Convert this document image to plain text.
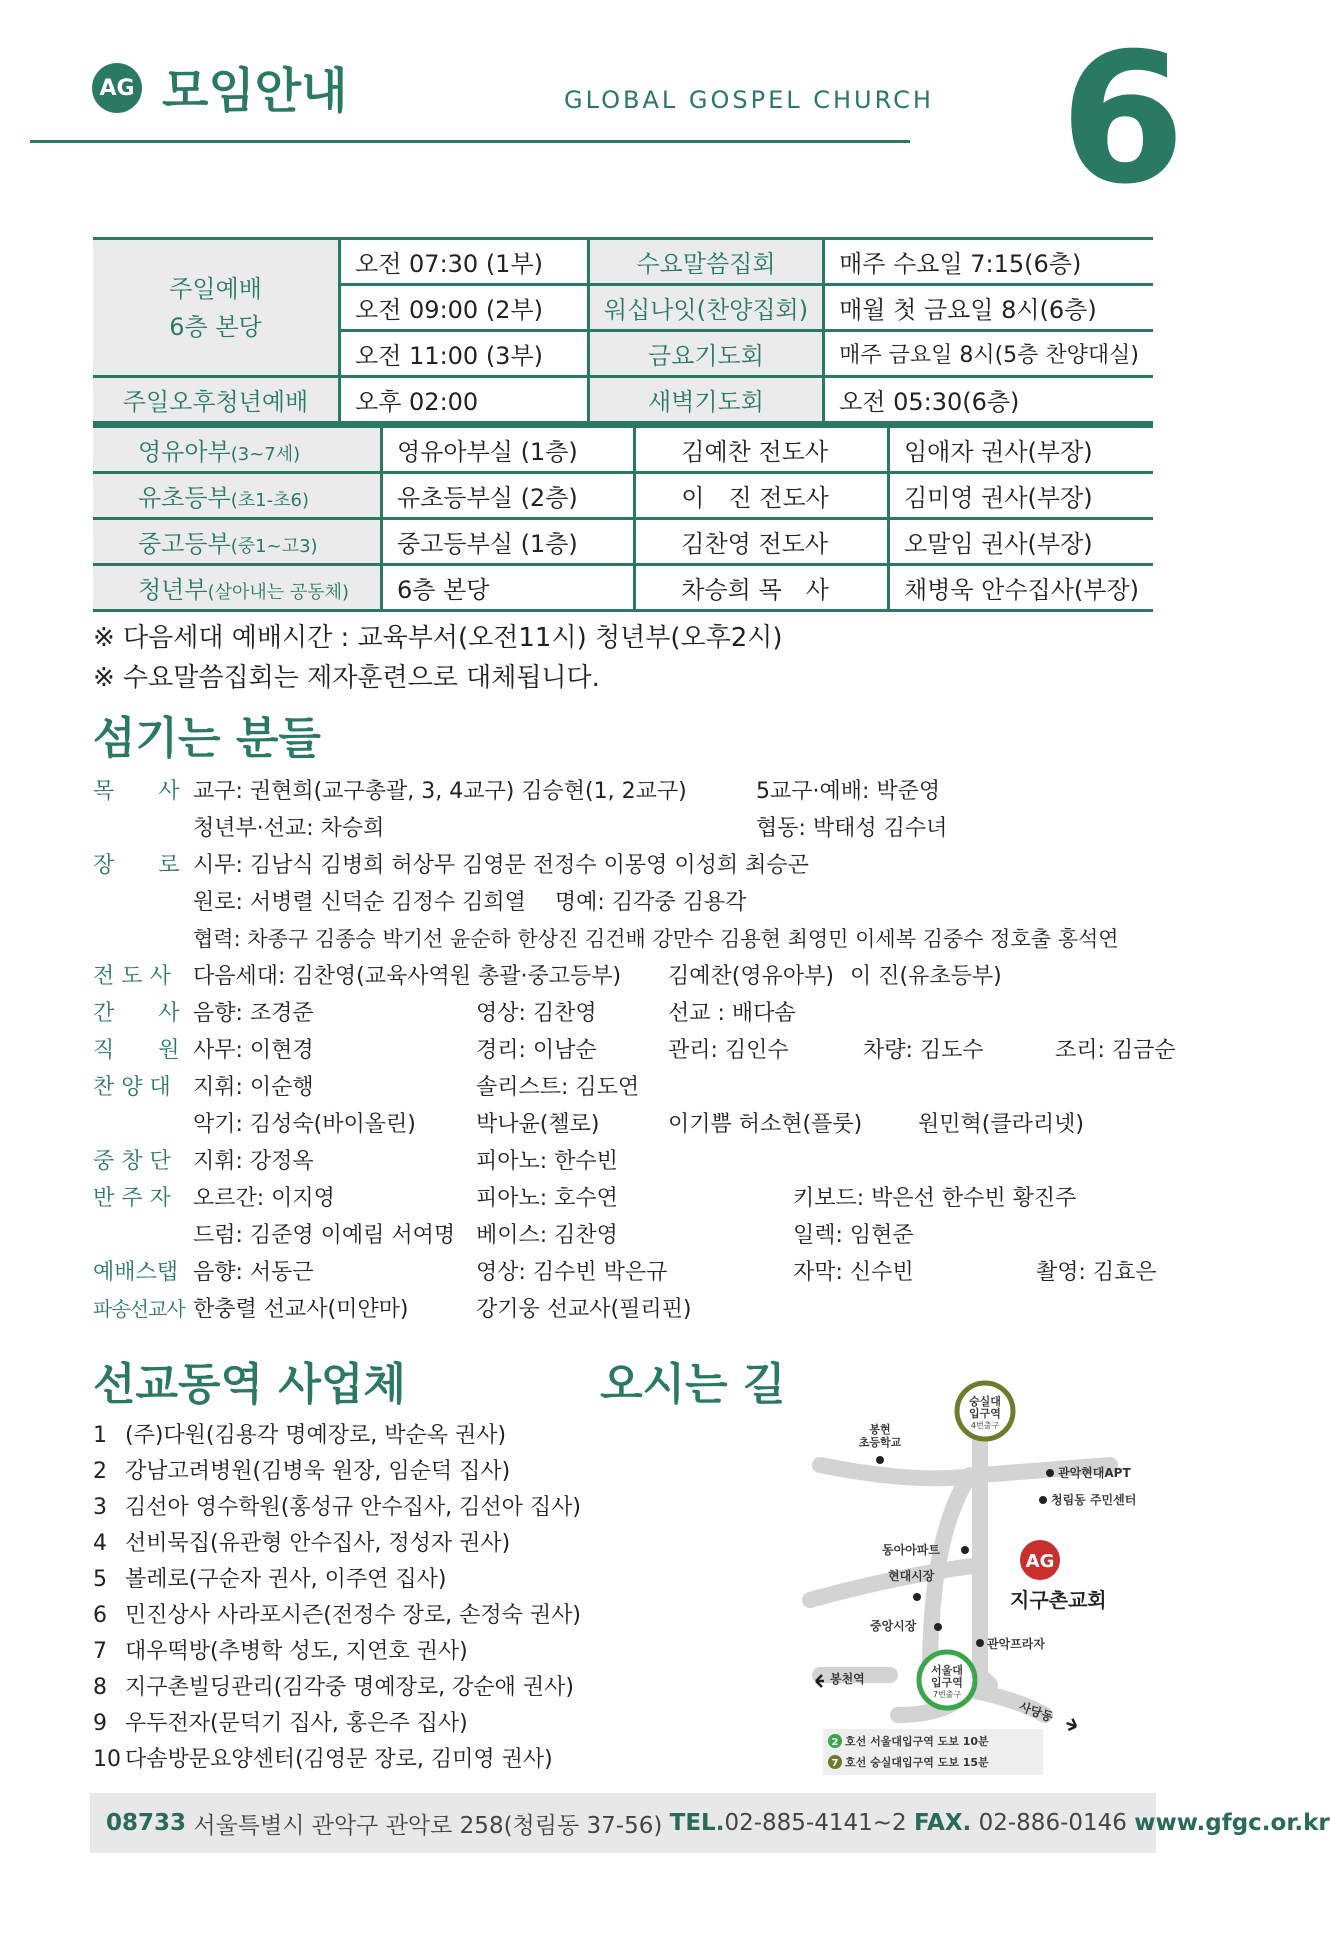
AG 모임안내	GLOBAL GOSPEL CHURCH 6
주일예배
6층 본당	오전 07:30 (1부)	수요말씀집회	매주 수요일 7:15(6층)
	오전 09:00 (2부)	워십나잇(찬양집회)	매월 첫 금요일 8시(6층)
	오전 11:00 (3부)	금요기도회	매주 금요일 8시(5층 찬양대실)
주일오후청년예배	오후 02:00	새벽기도회	오전 05:30(6층)
영유아부(3~7세)	영유아부실 (1층)	김예찬 전도사	임애자 권사(부장)
유초등부(초1-초6)	유초등부실 (2층)	이　진 전도사	김미영 권사(부장)
중고등부(중1~고3)	중고등부실 (1층)	김찬영 전도사	오말임 권사(부장)
청년부(살아내는 공동체)	6층 본당	차승희 목　사	채병욱 안수집사(부장)
※ 다음세대 예배시간 : 교육부서(오전11시) 청년부(오후2시)
※ 수요말씀집회는 제자훈련으로 대체됩니다.
섬기는 분들
목　　사 교구: 권현희(교구총괄, 3, 4교구) 김승현(1, 2교구)	5교구·예배: 박준영
청년부·선교: 차승희	협동: 박태성 김수녀
장　　로 시무: 김남식 김병희 허상무 김영문 전정수 이몽영 이성희 최승곤
원로: 서병렬 신덕순 김정수 김희열　 명예: 김각중 김용각
협력: 차종구 김종승 박기선 윤순하 한상진 김건배 강만수 김용현 최영민 이세복 김중수 정호출 홍석연
전 도 사 다음세대: 김찬영(교육사역원 총괄·중고등부) 김예찬(영유아부) 이 진(유초등부)
간　　사 음향: 조경준	영상: 김찬영	선교 : 배다솜
직　　원 사무: 이현경	경리: 이남순	관리: 김인수	차량: 김도수	조리: 김금순
찬 양 대 지휘: 이순행	솔리스트: 김도연
악기: 김성숙(바이올린)	박나윤(첼로)	이기쁨 허소현(플룻)	원민혁(클라리넷)
중 창 단 지휘: 강정옥	피아노: 한수빈
반 주 자 오르간: 이지영	피아노: 호수연	키보드: 박은선 한수빈 황진주
드럼: 김준영 이예림 서여명 베이스: 김찬영	일렉: 임현준
예배스탭 음향: 서동근	영상: 김수빈 박은규	자막: 신수빈	촬영: 김효은
파송선교사 한충렬 선교사(미얀마)	강기웅 선교사(필리핀)
선교동역 사업체
1 (주)다원(김용각 명예장로, 박순옥 권사)
2 강남고려병원(김병욱 원장, 임순덕 집사)
3 김선아 영수학원(홍성규 안수집사, 김선아 집사)
4 선비묵집(유관형 안수집사, 정성자 권사)
5 볼레로(구순자 권사, 이주연 집사)
6 민진상사 사라포시즌(전정수 장로, 손정숙 권사)
7 대우떡방(추병학 성도, 지연호 권사)
8 지구촌빌딩관리(김각중 명예장로, 강순애 권사)
9 우두전자(문덕기 집사, 홍은주 집사)
10 다솜방문요양센터(김영문 장로, 김미영 권사)
오시는 길	숭실대
입구역
4번출구
봉현
초등학교
관악현대APT
청림동 주민센터
동아아파트
현대시장
AG
지구촌교회
중앙시장
관악프라자
봉천역
사당동
서울대
입구역
7번출구
2 호선 서울대입구역 도보 10분
7 호선 숭실대입구역 도보 15분
08733 서울특별시 관악구 관악로 258(청림동 37-56) TEL. 02-885-4141~2 FAX. 02-886-0146 www.gfgc.or.kr
